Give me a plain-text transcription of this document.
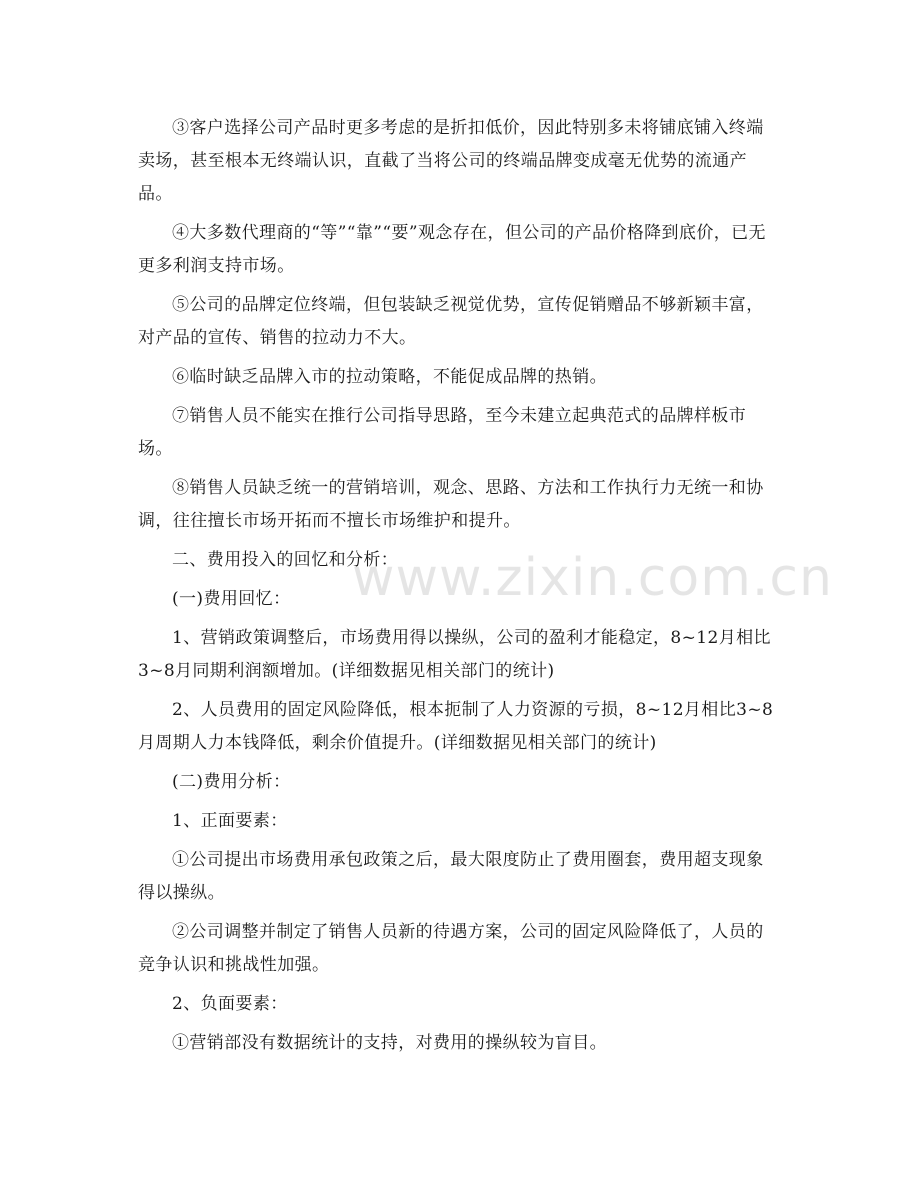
③客户选择公司产品时更多考虑的是折扣低价，因此特别多未将铺底铺入终端卖场，甚至根本无终端认识，直截了当将公司的终端品牌变成毫无优势的流通产品。

④大多数代理商的“等”“靠”“要”观念存在，但公司的产品价格降到底价，已无更多利润支持市场。

⑤公司的品牌定位终端，但包装缺乏视觉优势，宣传促销赠品不够新颖丰富，对产品的宣传、销售的拉动力不大。

⑥临时缺乏品牌入市的拉动策略，不能促成品牌的热销。

⑦销售人员不能实在推行公司指导思路，至今未建立起典范式的品牌样板市场。

⑧销售人员缺乏统一的营销培训，观念、思路、方法和工作执行力无统一和协调，往往擅长市场开拓而不擅长市场维护和提升。

二、费用投入的回忆和分析：

(一)费用回忆：

1、营销政策调整后，市场费用得以操纵，公司的盈利才能稳定，8~12月相比3~8月同期利润额增加。(详细数据见相关部门的统计)

2、人员费用的固定风险降低，根本扼制了人力资源的亏损，8~12月相比3~8月周期人力本钱降低，剩余价值提升。(详细数据见相关部门的统计)

(二)费用分析：

1、正面要素：

①公司提出市场费用承包政策之后，最大限度防止了费用圈套，费用超支现象得以操纵。

②公司调整并制定了销售人员新的待遇方案，公司的固定风险降低了，人员的竞争认识和挑战性加强。

2、负面要素：

①营销部没有数据统计的支持，对费用的操纵较为盲目。

www.zixin.com.cn
